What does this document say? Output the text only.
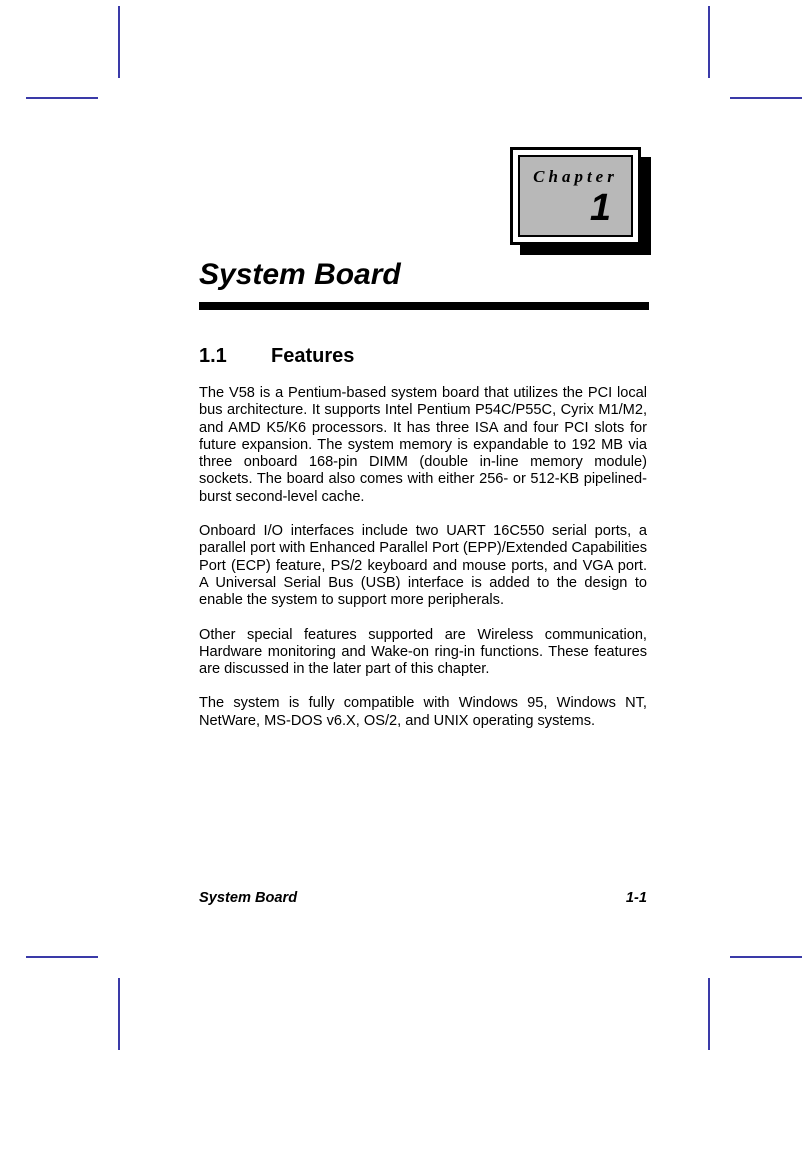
Chapter
1
System Board
1.1 Features

The V58 is a Pentium-based system board that utilizes the PCI local bus architecture. It supports Intel Pentium P54C/P55C, Cyrix M1/M2, and AMD K5/K6 processors. It has three ISA and four PCI slots for future expansion. The system memory is expandable to 192 MB via three onboard 168-pin DIMM (double in-line memory module) sockets. The board also comes with either 256- or 512-KB pipelined-burst second-level cache.

Onboard I/O interfaces include two UART 16C550 serial ports, a parallel port with Enhanced Parallel Port (EPP)/Extended Capabilities Port (ECP) feature, PS/2 keyboard and mouse ports, and VGA port. A Universal Serial Bus (USB) interface is added to the design to enable the system to support more peripherals.

Other special features supported are Wireless communication, Hardware monitoring and Wake-on ring-in functions. These features are discussed in the later part of this chapter.

The system is fully compatible with Windows 95, Windows NT, NetWare, MS-DOS v6.X, OS/2, and UNIX operating systems.

System Board	1-1
